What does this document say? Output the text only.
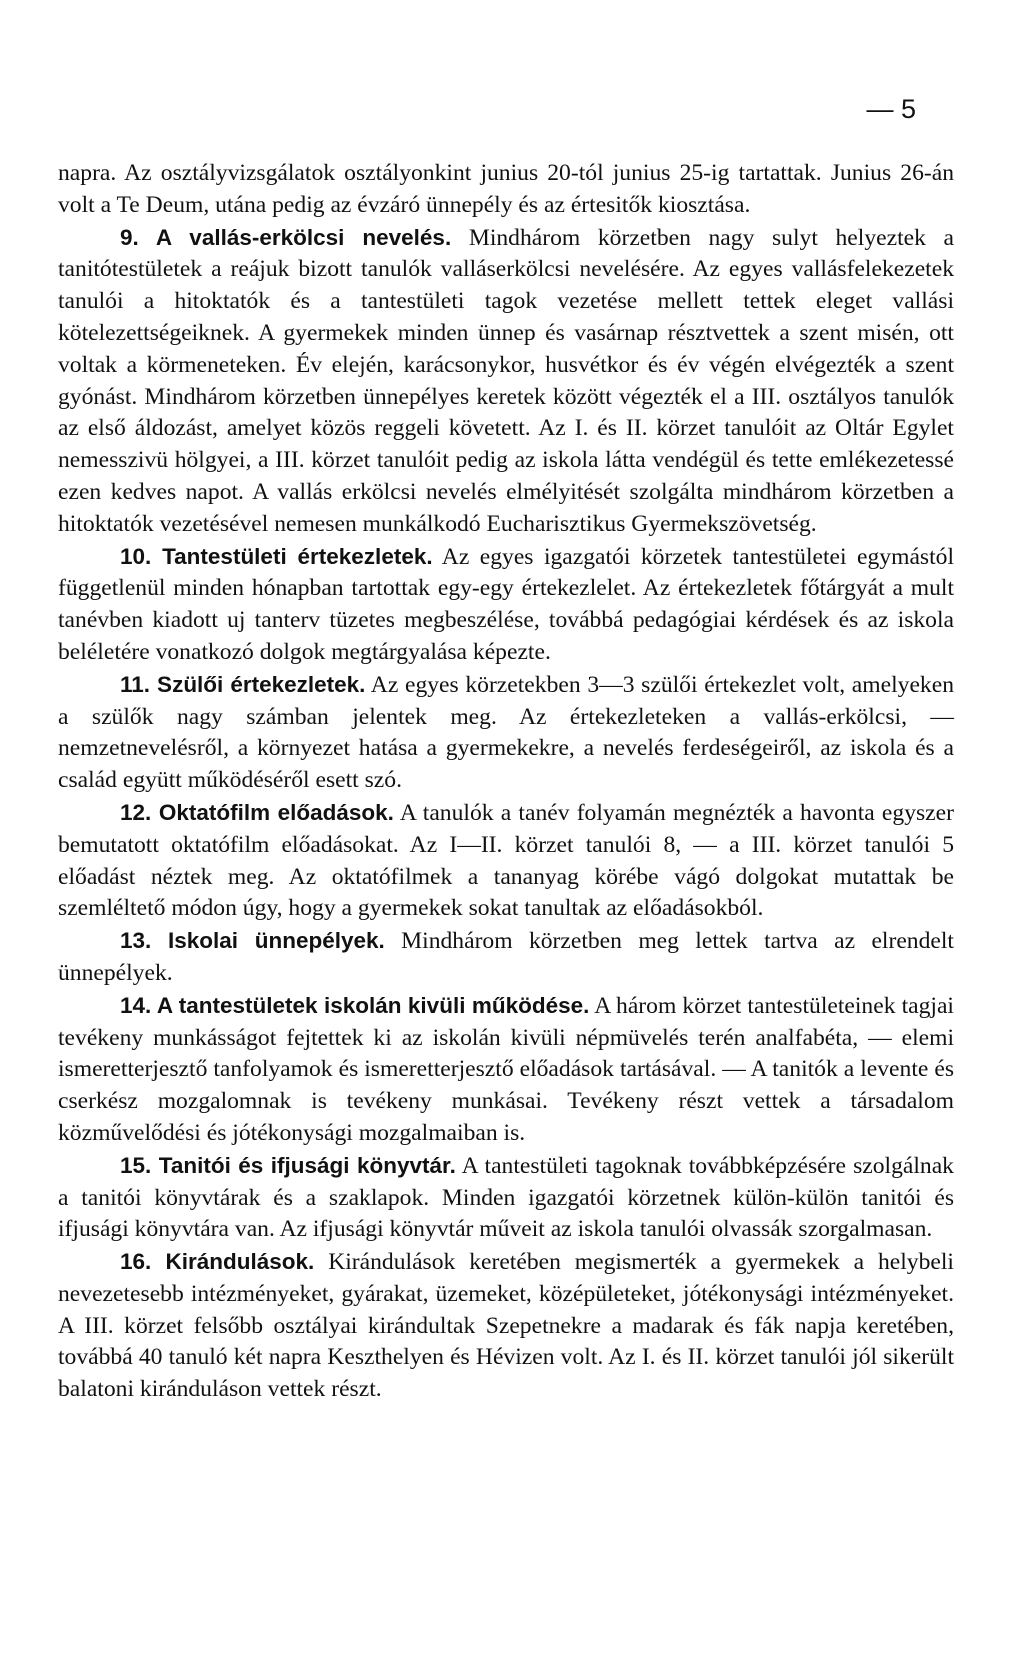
— 5

napra. Az osztályvizsgálatok osztályonkint junius 20-tól junius 25-ig tartattak. Junius 26-án volt a Te Deum, utána pedig az évzáró ünnepély és az értesitők kiosztása.

9. A vallás-erkölcsi nevelés. Mindhárom körzetben nagy sulyt helyeztek a tanitótestületek a reájuk bizott tanulók valláserkölcsi nevelésére. Az egyes vallásfelekezetek tanulói a hitoktatók és a tantestületi tagok vezetése mellett tettek eleget vallási kötelezettségeiknek. A gyermekek minden ünnep és vasárnap résztvettek a szent misén, ott voltak a körmeneteken. Év elején, karácsonykor, husvétkor és év végén elvégezték a szent gyónást. Mindhárom körzetben ünnepélyes keretek között végezték el a III. osztályos tanulók az első áldozást, amelyet közös reggeli követett. Az I. és II. körzet tanulóit az Oltár Egylet nemesszivü hölgyei, a III. körzet tanulóit pedig az iskola látta vendégül és tette emlékezetessé ezen kedves napot. A vallás erkölcsi nevelés elmélyitését szolgálta mindhárom körzetben a hitoktatók vezetésével nemesen munkálkodó Eucharisztikus Gyermekszövetség.

10. Tantestületi értekezletek. Az egyes igazgatói körzetek tantestületei egymástól függetlenül minden hónapban tartottak egy-egy értekezlelet. Az értekezletek főtárgyát a mult tanévben kiadott uj tanterv tüzetes megbeszélése, továbbá pedagógiai kérdések és az iskola beléletére vonatkozó dolgok megtárgyalása képezte.

11. Szülői értekezletek. Az egyes körzetekben 3—3 szülői értekezlet volt, amelyeken a szülők nagy számban jelentek meg. Az értekezleteken a vallás-erkölcsi, — nemzetnevelésről, a környezet hatása a gyermekekre, a nevelés ferdeségeiről, az iskola és a család együtt működéséről esett szó.

12. Oktatófilm előadások. A tanulók a tanév folyamán megnézték a havonta egyszer bemutatott oktatófilm előadásokat. Az I—II. körzet tanulói 8, — a III. körzet tanulói 5 előadást néztek meg. Az oktatófilmek a tananyag körébe vágó dolgokat mutattak be szemléltető módon úgy, hogy a gyermekek sokat tanultak az előadásokból.

13. Iskolai ünnepélyek. Mindhárom körzetben meg lettek tartva az elrendelt ünnepélyek.

14. A tantestületek iskolán kivüli működése. A három körzet tantestületeinek tagjai tevékeny munkásságot fejtettek ki az iskolán kivüli népmüvelés terén analfabéta, — elemi ismeretterjesztő tanfolyamok és ismeretterjesztő előadások tartásával. — A tanitók a levente és cserkész mozgalomnak is tevékeny munkásai. Tevékeny részt vettek a társadalom közművelődési és jótékonysági mozgalmaiban is.

15. Tanitói és ifjusági könyvtár. A tantestületi tagoknak továbbképzésére szolgálnak a tanitói könyvtárak és a szaklapok. Minden igazgatói körzetnek külön-külön tanitói és ifjusági könyvtára van. Az ifjusági könyvtár műveit az iskola tanulói olvassák szorgalmasan.

16. Kirándulások. Kirándulások keretében megismerték a gyermekek a helybeli nevezetesebb intézményeket, gyárakat, üzemeket, középületeket, jótékonysági intézményeket. A III. körzet felsőbb osztályai kirándultak Szepetnekre a madarak és fák napja keretében, továbbá 40 tanuló két napra Keszthelyen és Hévizen volt. Az I. és II. körzet tanulói jól sikerült balatoni kiránduláson vettek részt.
